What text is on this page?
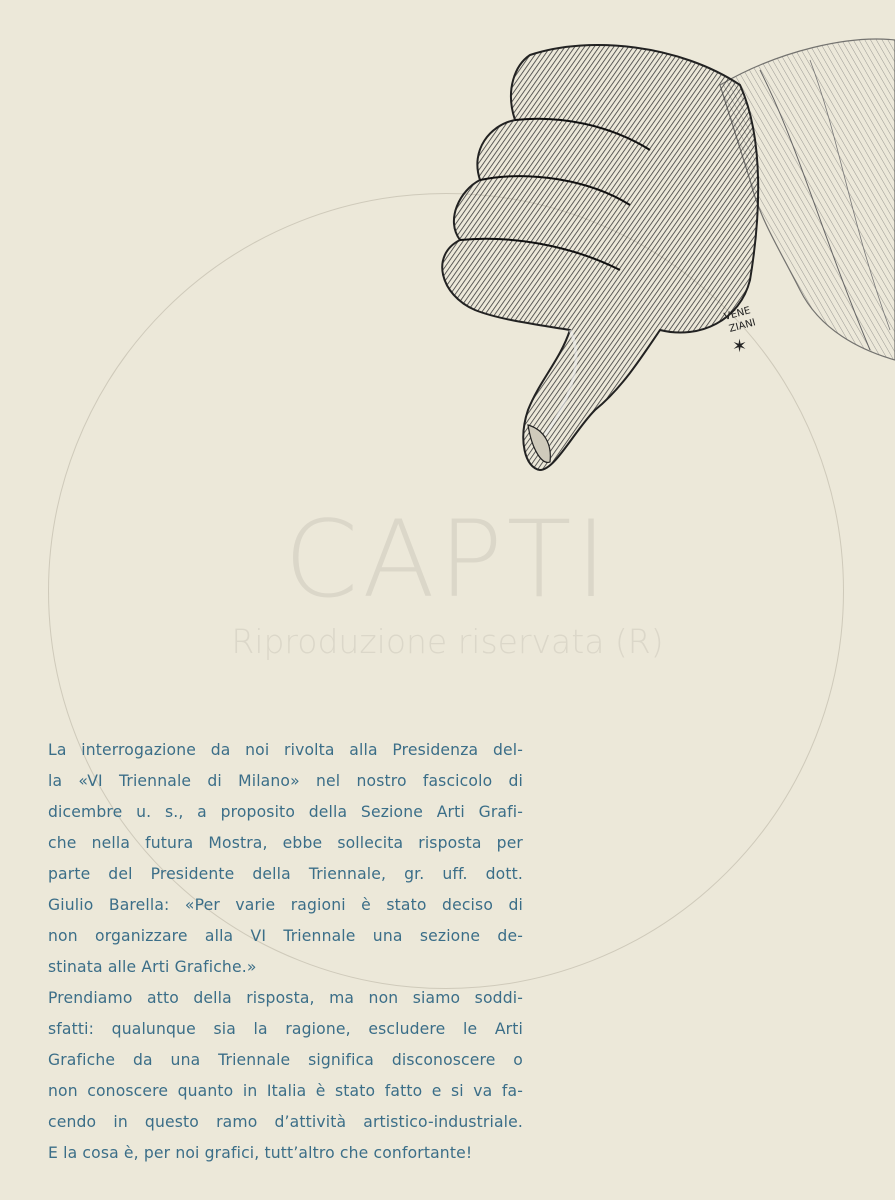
VENE
ZIANI
✶
CAPTI
Riproduzione riservata (R)
La interrogazione da noi rivolta alla Presidenza del-
la «VI Triennale di Milano» nel nostro fascicolo di
dicembre u. s., a proposito della Sezione Arti Grafi-
che nella futura Mostra, ebbe sollecita risposta per
parte del Presidente della Triennale, gr. uff. dott.
Giulio Barella: «Per varie ragioni è stato deciso di
non organizzare alla VI Triennale una sezione de-
stinata alle Arti Grafiche.»
Prendiamo atto della risposta, ma non siamo soddi-
sfatti: qualunque sia la ragione, escludere le Arti
Grafiche da una Triennale significa disconoscere o
non conoscere quanto in Italia è stato fatto e si va fa-
cendo in questo ramo d’attività artistico-industriale.
E la cosa è, per noi grafici, tutt’altro che confortante!
